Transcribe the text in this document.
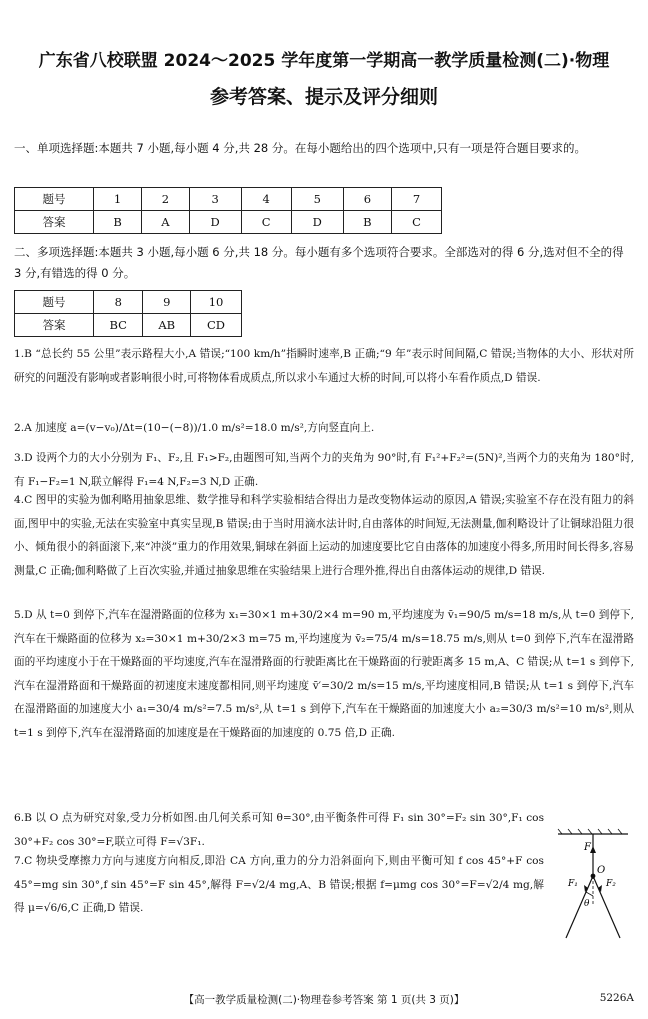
广东省八校联盟 2024～2025 学年度第一学期高一教学质量检测(二)·物理
参考答案、提示及评分细则
一、单项选择题:本题共 7 小题,每小题 4 分,共 28 分。在每小题给出的四个选项中,只有一项是符合题目要求的。
题号	1	2	3	4	5	6	7
答案	B	A	D	C	D	B	C
二、多项选择题:本题共 3 小题,每小题 6 分,共 18 分。每小题有多个选项符合要求。全部选对的得 6 分,选对但不全的得 3 分,有错选的得 0 分。
题号	8	9	10
答案	BC	AB	CD
1.B “总长约 55 公里”表示路程大小,A 错误;“100 km/h”指瞬时速率,B 正确;“9 年”表示时间间隔,C 错误;当物体的大小、形状对所研究的问题没有影响或者影响很小时,可将物体看成质点,所以求小车通过大桥的时间,可以将小车看作质点,D 错误.
2.A 加速度 a=(v−v₀)/Δt=(10−(−8))/1.0 m/s²=18.0 m/s²,方向竖直向上.
3.D 设两个力的大小分别为 F₁、F₂,且 F₁>F₂,由题图可知,当两个力的夹角为 90°时,有 F₁²+F₂²=(5N)²,当两个力的夹角为 180°时,有 F₁−F₂=1 N,联立解得 F₁=4 N,F₂=3 N,D 正确.
4.C 图甲的实验为伽利略用抽象思维、数学推导和科学实验相结合得出力是改变物体运动的原因,A 错误;实验室不存在没有阻力的斜面,图甲中的实验,无法在实验室中真实呈现,B 错误;由于当时用滴水法计时,自由落体的时间短,无法测量,伽利略设计了让铜球沿阻力很小、倾角很小的斜面滚下,来“冲淡”重力的作用效果,铜球在斜面上运动的加速度要比它自由落体的加速度小得多,所用时间长得多,容易测量,C 正确;伽利略做了上百次实验,并通过抽象思维在实验结果上进行合理外推,得出自由落体运动的规律,D 错误.
5.D 从 t=0 到停下,汽车在湿滑路面的位移为 x₁=30×1 m+30/2×4 m=90 m,平均速度为 v̄₁=90/5 m/s=18 m/s,从 t=0 到停下,汽车在干燥路面的位移为 x₂=30×1 m+30/2×3 m=75 m,平均速度为 v̄₂=75/4 m/s=18.75 m/s,则从 t=0 到停下,汽车在湿滑路面的平均速度小于在干燥路面的平均速度,汽车在湿滑路面的行驶距离比在干燥路面的行驶距离多 15 m,A、C 错误;从 t=1 s 到停下,汽车在湿滑路面和干燥路面的初速度末速度都相同,则平均速度 v̄′=30/2 m/s=15 m/s,平均速度相同,B 错误;从 t=1 s 到停下,汽车在湿滑路面的加速度大小 a₁=30/4 m/s²=7.5 m/s²,从 t=1 s 到停下,汽车在干燥路面的加速度大小 a₂=30/3 m/s²=10 m/s²,则从 t=1 s 到停下,汽车在湿滑路面的加速度是在干燥路面的加速度的 0.75 倍,D 正确.
6.B 以 O 点为研究对象,受力分析如图.由几何关系可知 θ=30°,由平衡条件可得 F₁ sin 30°=F₂ sin 30°,F₁ cos 30°+F₂ cos 30°=F,联立可得 F=√3F₁.
7.C 物块受摩擦力方向与速度方向相反,即沿 CA 方向,重力的分力沿斜面向下,则由平衡可知 f cos 45°+F cos 45°=mg sin 30°,f sin 45°=F sin 45°,解得 F=√2/4 mg,A、B 错误;根据 f=μmg cos 30°=F=√2/4 mg,解得 μ=√6/6,C 正确,D 错误.
F
O
F₁	F₂
θ
【高一教学质量检测(二)·物理卷参考答案 第 1 页(共 3 页)】	5226A
